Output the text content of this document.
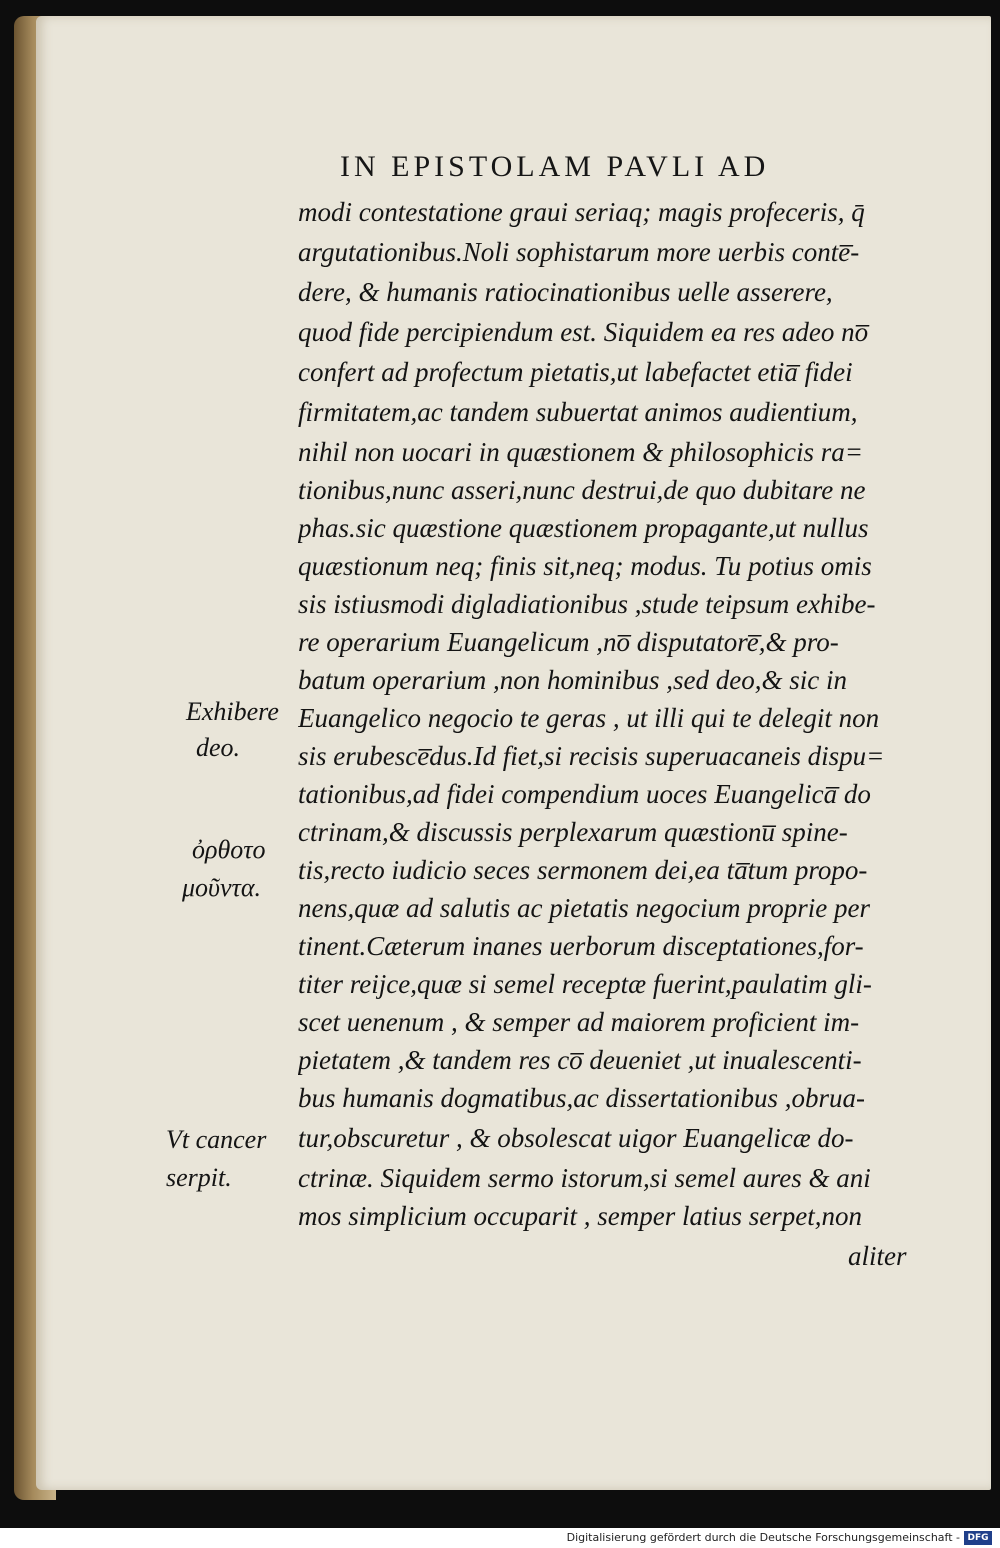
IN EPISTOLAM PAVLI AD
modi contestatione graui seriaq; magis profeceris, q̄
argutationibus.Noli sophistarum more uerbis conte̅-
dere, & humanis ratiocinationibus uelle asserere,
quod fide percipiendum est. Siquidem ea res adeo no̅
confert ad profectum pietatis,ut labefactet etia̅ fidei
firmitatem,ac tandem subuertat animos audientium,
nihil non uocari in quæstionem & philosophicis ra=
tionibus,nunc asseri,nunc destrui,de quo dubitare ne
phas.sic quæstione quæstionem propagante,ut nullus
quæstionum neq; finis sit,neq; modus. Tu potius omis
sis istiusmodi digladiationibus ,stude teipsum exhibe-
re operarium Euangelicum ,no̅ disputatore̅,& pro-
batum operarium ,non hominibus ,sed deo,& sic in
Euangelico negocio te geras , ut illi qui te delegit non
sis erubesce̅dus.Id fiet,si recisis superuacaneis dispu=
tationibus,ad fidei compendium uoces Euangelica̅ do
ctrinam,& discussis perplexarum quæstionu̅ spine-
tis,recto iudicio seces sermonem dei,ea ta̅tum propo-
nens,quæ ad salutis ac pietatis negocium proprie per
tinent.Cæterum inanes uerborum disceptationes,for-
titer reijce,quæ si semel receptæ fuerint,paulatim gli-
scet uenenum , & semper ad maiorem proficient im-
pietatem ,& tandem res co̅ deueniet ,ut inualescenti-
bus humanis dogmatibus,ac dissertationibus ,obrua-
tur,obscuretur , & obsolescat uigor Euangelicæ do-
ctrinæ. Siquidem sermo istorum,si semel aures & ani
mos simplicium occuparit , semper latius serpet,non
aliter
Exhibere
deo.
ὀρθοτο
μοῦντα.
Vt cancer
serpit.
Digitalisierung gefördert durch die Deutsche Forschungsgemeinschaft - DFG
